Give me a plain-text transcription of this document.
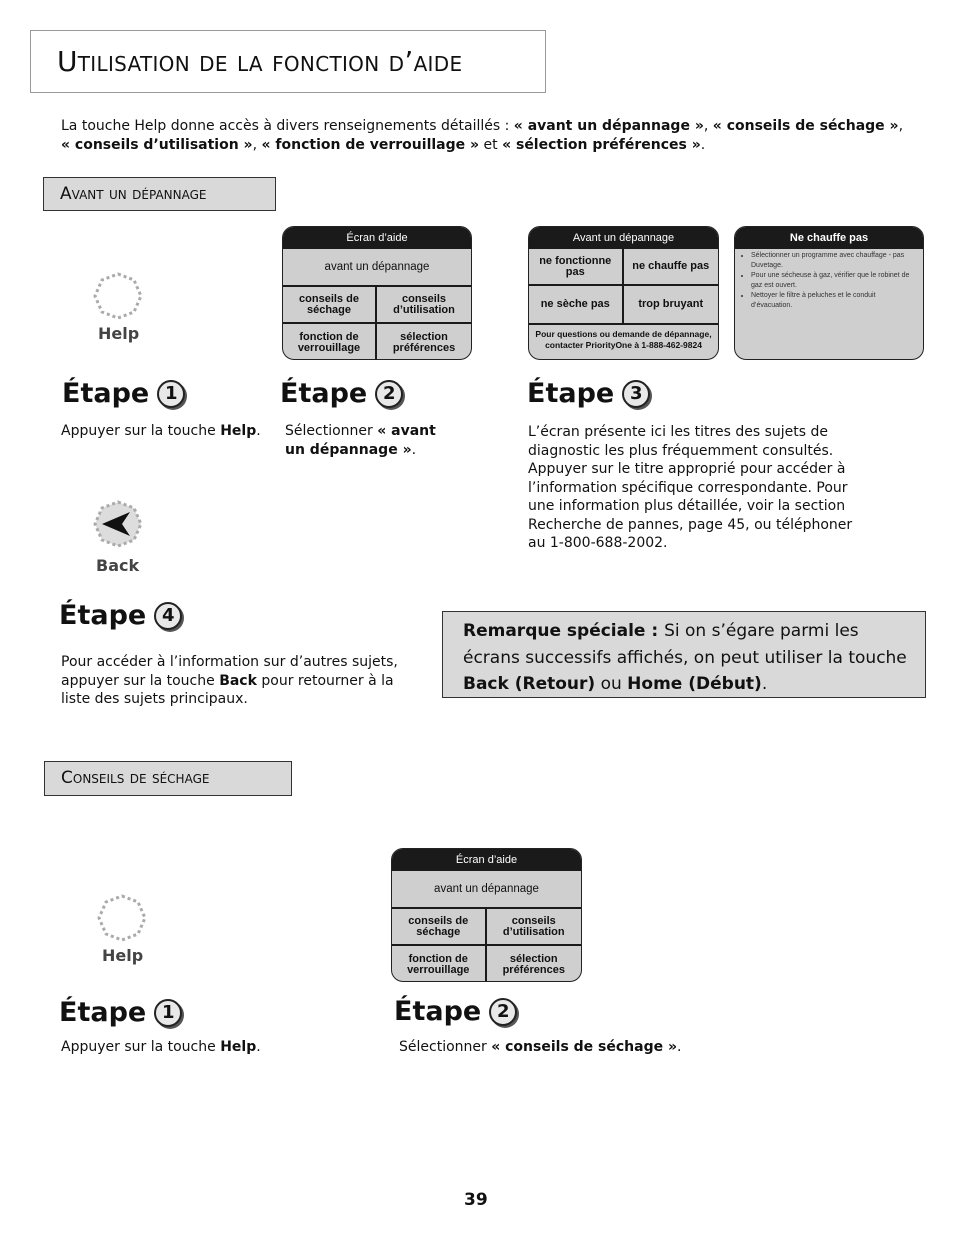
Utilisation de la fonction d’aide
La touche Help donne accès à divers renseignements détaillés : « avant un dépannage », « conseils de séchage », « conseils d’utilisation », « fonction de verrouillage » et « sélection préférences ».
Avant un dépannage
Help
Écran d’aide
avant un dépannage
conseils de séchage
conseils d’utilisation
fonction de verrouillage
sélection préférences
Avant un dépannage
ne fonctionne pas	ne chauffe pas
ne sèche pas	trop bruyant
Pour questions ou demande de dépannage, contacter PriorityOne à 1-888-462-9824
Ne chauffe pas
• Sélectionner un programme avec chauffage - pas Duvetage.
• Pour une sécheuse à gaz, vérifier que le robinet de gaz est ouvert.
• Nettoyer le filtre à peluches et le conduit d’évacuation.
Étape 1
Appuyer sur la touche Help.
Étape 2
Sélectionner « avant un dépannage ».
Étape 3
L’écran présente ici les titres des sujets de diagnostic les plus fréquemment consultés. Appuyer sur le titre approprié pour accéder à l’information spécifique correspondante. Pour une information plus détaillée, voir la section Recherche de pannes, page 45, ou téléphoner au 1-800-688-2002.
Back
Étape 4
Pour accéder à l’information sur d’autres sujets, appuyer sur la touche Back pour retourner à la liste des sujets principaux.

Remarque spéciale : Si on s’égare parmi les écrans successifs affichés, on peut utiliser la touche Back (Retour) ou Home (Début).

Conseils de séchage
Help
Écran d’aide
avant un dépannage
conseils de séchage
conseils d’utilisation
fonction de verrouillage
sélection préférences
Étape 1
Appuyer sur la touche Help.
Étape 2
Sélectionner « conseils de séchage ».
39
